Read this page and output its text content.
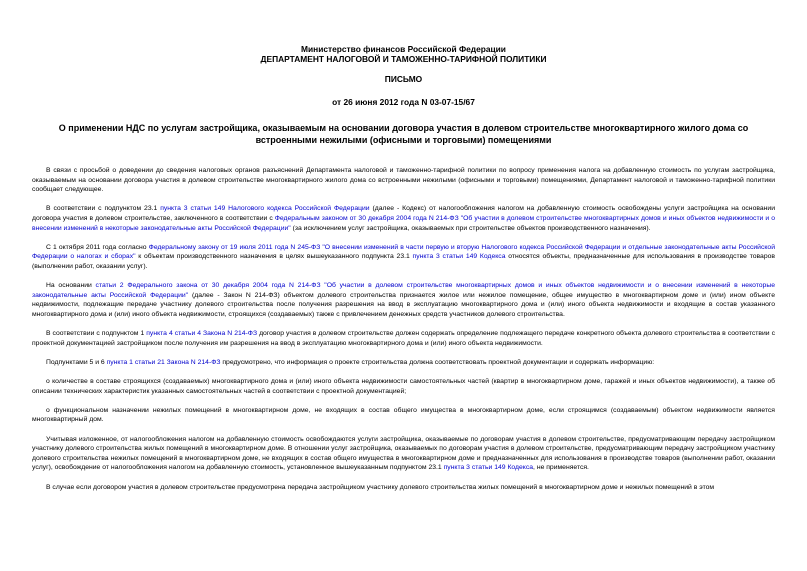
Министерство финансов Российской Федерации
ДЕПАРТАМЕНТ НАЛОГОВОЙ И ТАМОЖЕННО-ТАРИФНОЙ ПОЛИТИКИ
ПИСЬМО
от 26 июня 2012 года N 03-07-15/67
О применении НДС по услугам застройщика, оказываемым на основании договора участия в долевом строительстве многоквартирного жилого дома со встроенными нежилыми (офисными и торговыми) помещениями

В связи с просьбой о доведении до сведения налоговых органов разъяснений Департамента налоговой и таможенно-тарифной политики по вопросу применения налога на добавленную стоимость по услугам застройщика, оказываемым на основании договора участия в долевом строительстве многоквартирного жилого дома со встроенными нежилыми (офисными и торговыми) помещениями, Департамент налоговой и таможенно-тарифной политики сообщает следующее.

В соответствии с подпунктом 23.1 пункта 3 статьи 149 Налогового кодекса Российской Федерации (далее - Кодекс) от налогообложения налогом на добавленную стоимость освобождены услуги застройщика на основании договора участия в долевом строительстве, заключенного в соответствии с Федеральным законом от 30 декабря 2004 года N 214-ФЗ "Об участии в долевом строительстве многоквартирных домов и иных объектов недвижимости и о внесении изменений в некоторые законодательные акты Российской Федерации" (за исключением услуг застройщика, оказываемых при строительстве объектов производственного назначения).

С 1 октября 2011 года согласно Федеральному закону от 19 июля 2011 года N 245-ФЗ "О внесении изменений в части первую и вторую Налогового кодекса Российской Федерации и отдельные законодательные акты Российской Федерации о налогах и сборах" к объектам производственного назначения в целях вышеуказанного подпункта 23.1 пункта 3 статьи 149 Кодекса относятся объекты, предназначенные для использования в производстве товаров (выполнении работ, оказании услуг).

На основании статьи 2 Федерального закона от 30 декабря 2004 года N 214-ФЗ "Об участии в долевом строительстве многоквартирных домов и иных объектов недвижимости и о внесении изменений в некоторые законодательные акты Российской Федерации" (далее - Закон N 214-ФЗ) объектом долевого строительства признается жилое или нежилое помещение, общее имущество в многоквартирном доме и (или) ином объекте недвижимости, подлежащие передаче участнику долевого строительства после получения разрешения на ввод в эксплуатацию многоквартирного дома и (или) иного объекта недвижимости и входящие в состав указанного многоквартирного дома и (или) иного объекта недвижимости, строящихся (создаваемых) также с привлечением денежных средств участников долевого строительства.

В соответствии с подпунктом 1 пункта 4 статьи 4 Закона N 214-ФЗ договор участия в долевом строительстве должен содержать определение подлежащего передаче конкретного объекта долевого строительства в соответствии с проектной документацией застройщиком после получения им разрешения на ввод в эксплуатацию многоквартирного дома и (или) иного объекта недвижимости.

Подпунктами 5 и 6 пункта 1 статьи 21 Закона N 214-ФЗ предусмотрено, что информация о проекте строительства должна соответствовать проектной документации и содержать информацию:

о количестве в составе строящихся (создаваемых) многоквартирного дома и (или) иного объекта недвижимости самостоятельных частей (квартир в многоквартирном доме, гаражей и иных объектов недвижимости), а также об описании технических характеристик указанных самостоятельных частей в соответствии с проектной документацией;

о функциональном назначении нежилых помещений в многоквартирном доме, не входящих в состав общего имущества в многоквартирном доме, если строящимся (создаваемым) объектом недвижимости является многоквартирный дом.

Учитывая изложенное, от налогообложения налогом на добавленную стоимость освобождаются услуги застройщика, оказываемые по договорам участия в долевом строительстве, предусматривающим передачу застройщиком участнику долевого строительства жилых помещений в многоквартирном доме. В отношении услуг застройщика, оказываемых по договорам участия в долевом строительстве, предусматривающим передачу застройщиком участнику долевого строительства нежилых помещений в многоквартирном доме, не входящих в состав общего имущества в многоквартирном доме и предназначенных для использования в производстве товаров (выполнении работ, оказании услуг), освобождение от налогообложения налогом на добавленную стоимость, установленное вышеуказанным подпунктом 23.1 пункта 3 статьи 149 Кодекса, не применяется.

В случае если договором участия в долевом строительстве предусмотрена передача застройщиком участнику долевого строительства жилых помещений в многоквартирном доме и нежилых помещений в этом
